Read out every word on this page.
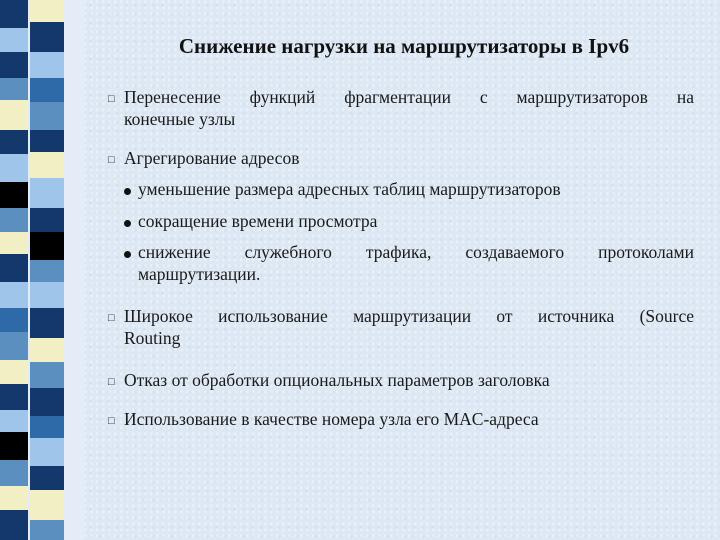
Снижение нагрузки на маршрутизаторы в Ipv6
□ Перенесение функций фрагментации с маршрутизаторов на
конечные узлы
□ Агрегирование адресов
уменьшение размера адресных таблиц маршрутизаторов
сокращение времени просмотра
снижение служебного трафика, создаваемого протоколами
маршрутизации.
□ Широкое использование маршрутизации от источника (Source
Routing
□ Отказ от обработки опциональных параметров заголовка
□ Использование в качестве номера узла его MAC-адреса
